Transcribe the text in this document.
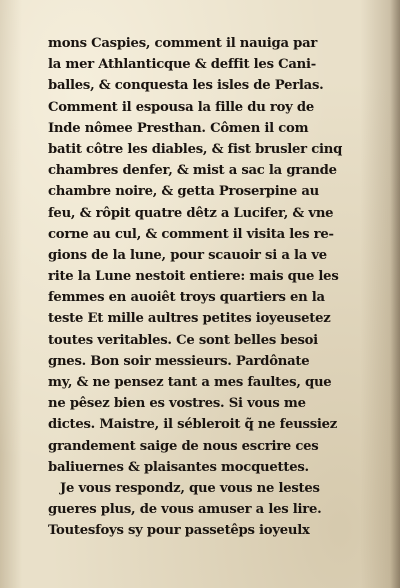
mons Caspies, comment il nauiga par
la mer Athlanticque & deffit les Cani-
balles, & conquesta les isles de Perlas.
Comment il espousa la fille du roy de
Inde nômee Presthan. Cômen il com
batit côtre les diables, & fist brusler cinq
chambres denfer, & mist a sac la grande
chambre noire, & getta Proserpine au
feu, & rôpit quatre dêtz a Lucifer, & vne
corne au cul, & comment il visita les re-
gions de la lune, pour scauoir si a la ve
rite la Lune nestoit entiere: mais que les
femmes en auoiêt troys quartiers en la
teste Et mille aultres petites ioyeusetez
toutes veritables. Ce sont belles besoi
gnes. Bon soir messieurs. Pardônate
my, & ne pensez tant a mes faultes, que
ne pêsez bien es vostres. Si vous me
dictes. Maistre, il sébleroit q̃ ne feussiez
grandement saige de nous escrire ces
baliuernes & plaisantes mocquettes.
Je vous respondz, que vous ne lestes
gueres plus, de vous amuser a les lire.
Toutesfoys sy pour passetêps ioyeulx
